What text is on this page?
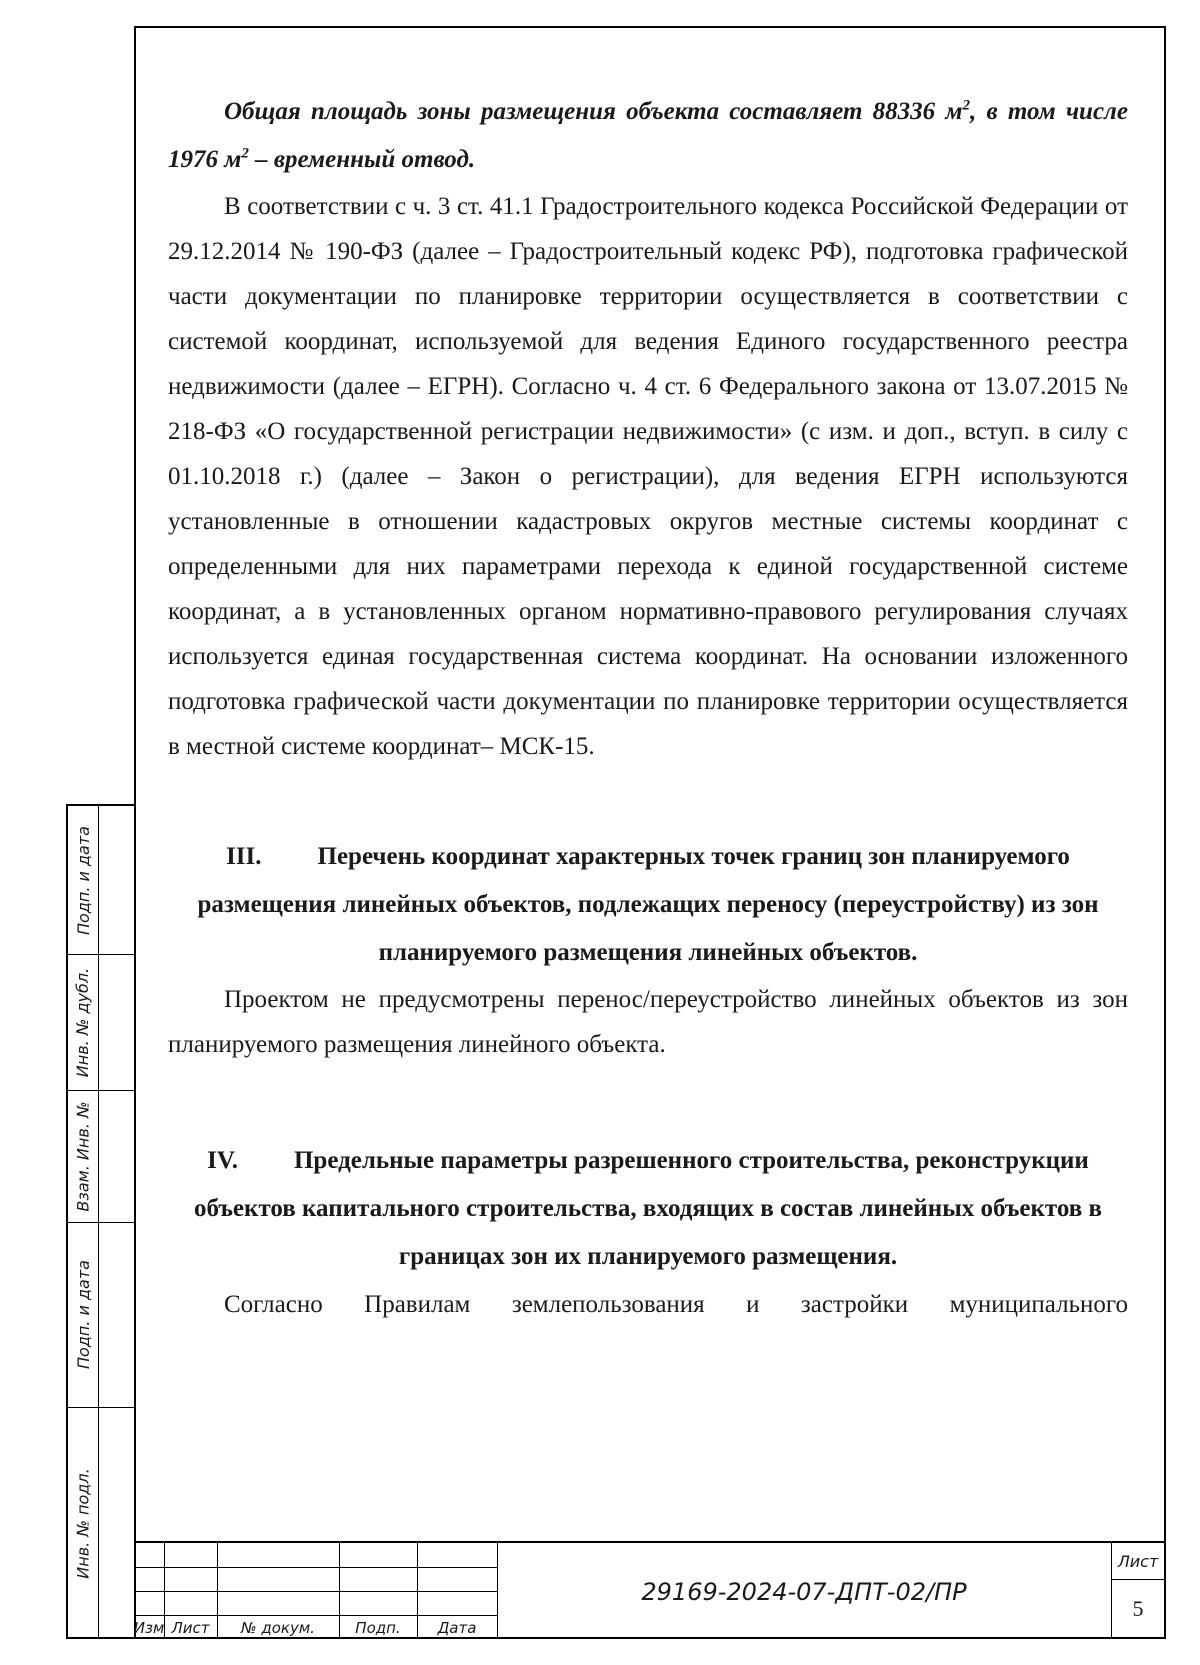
Общая площадь зоны размещения объекта составляет 88336 $м^2$, в том числе 1976 $м^2$ – временный отвод.

В соответствии с ч. 3 ст. 41.1 Градостроительного кодекса Российской Федерации от 29.12.2014 № 190-ФЗ (далее – Градостроительный кодекс РФ), подготовка графической части документации по планировке территории осуществляется в соответствии с системой координат, используемой для ведения Единого государственного реестра недвижимости (далее – ЕГРН). Согласно ч. 4 ст. 6 Федерального закона от 13.07.2015 № 218-ФЗ «О государственной регистрации недвижимости» (с изм. и доп., вступ. в силу с 01.10.2018 г.) (далее – Закон о регистрации), для ведения ЕГРН используются установленные в отношении кадастровых округов местные системы координат с определенными для них параметрами перехода к единой государственной системе координат, а в установленных органом нормативно-правового регулирования случаях используется единая государственная система координат. На основании изложенного подготовка графической части документации по планировке территории осуществляется в местной системе координат– МСК-15.

III. Перечень координат характерных точек границ зон планируемого размещения линейных объектов, подлежащих переносу (переустройству) из зон планируемого размещения линейных объектов.

Проектом не предусмотрены перенос/переустройство линейных объектов из зон планируемого размещения линейного объекта.

IV. Предельные параметры разрешенного строительства, реконструкции объектов капитального строительства, входящих в состав линейных объектов в границах зон их планируемого размещения.

Согласно Правилам землепользования и застройки муниципального

Подп. и дата
Инв. № дубл.
Взам. Инв. №
Подп. и дата
Инв. № подл.
Изм Лист	№ докум.	Подп.	Дата
29169-2024-07-ДПТ-02/ПР
Лист
5
